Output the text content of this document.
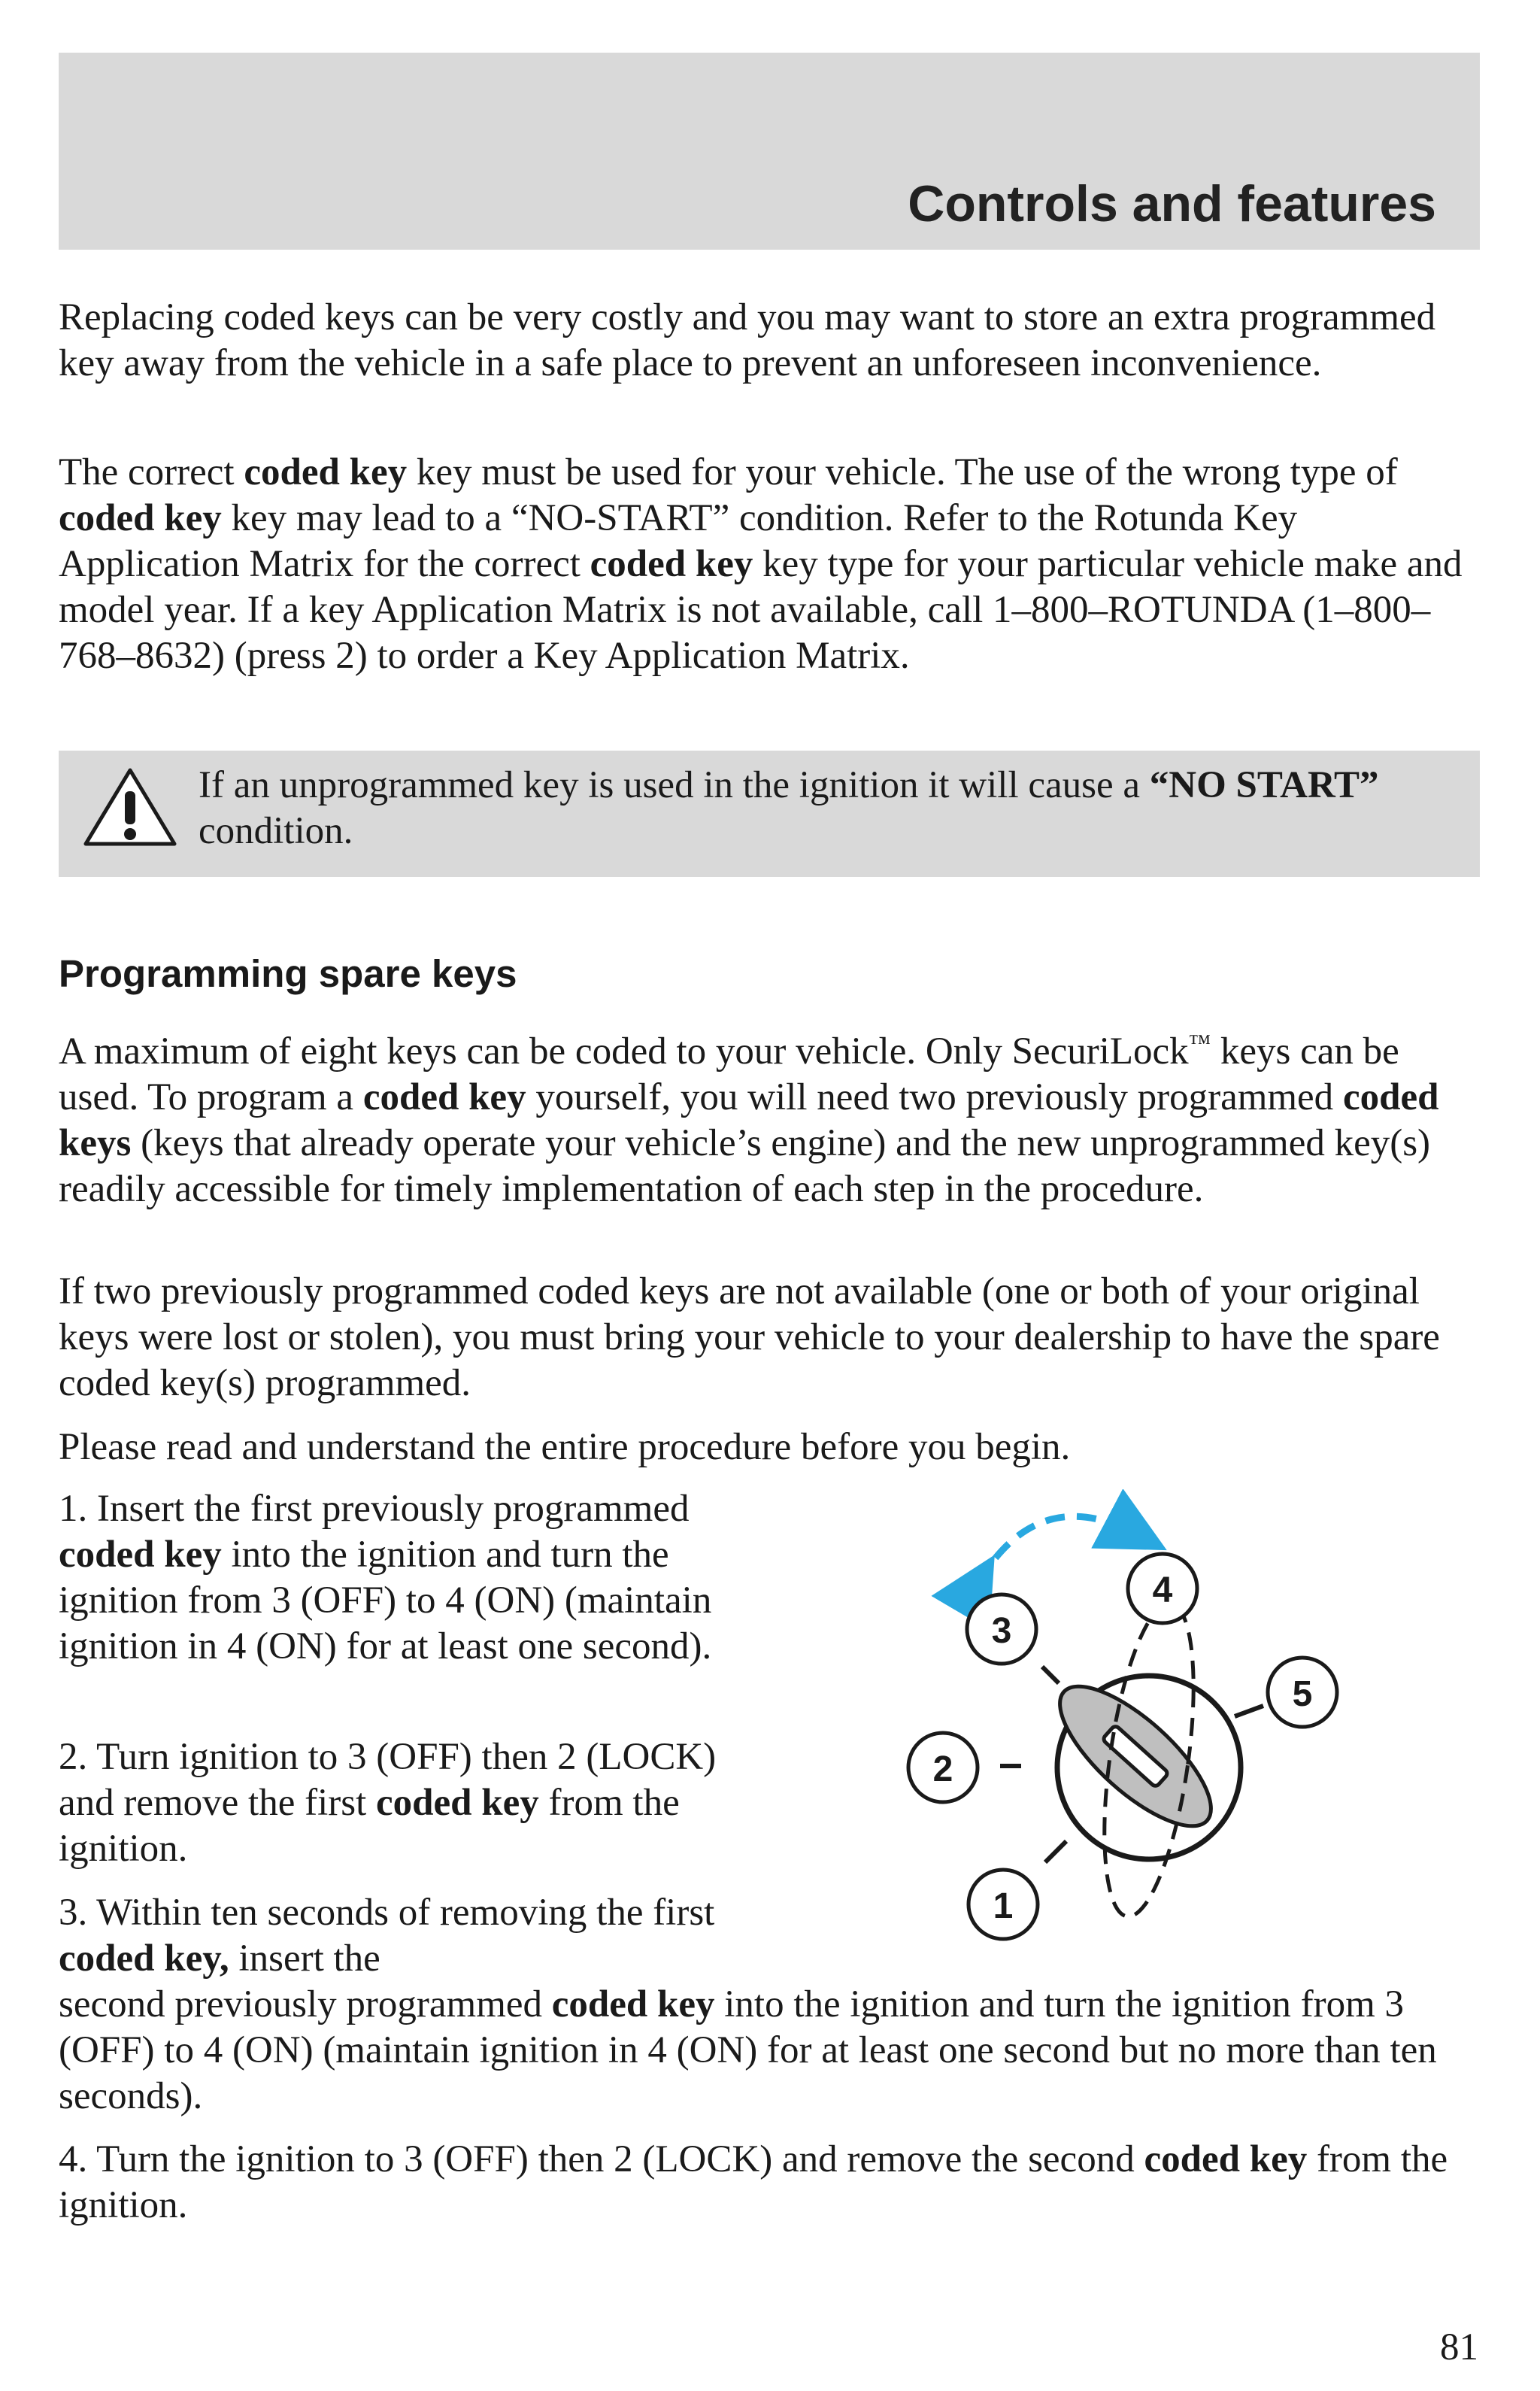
Controls and features

Replacing coded keys can be very costly and you may want to store an extra programmed key away from the vehicle in a safe place to prevent an unforeseen inconvenience.

The correct coded key key must be used for your vehicle. The use of the wrong type of coded key key may lead to a “NO-START” condition. Refer to the Rotunda Key Application Matrix for the correct coded key key type for your particular vehicle make and model year. If a key Application Matrix is not available, call 1–800–ROTUNDA (1–800–768–8632) (press 2) to order a Key Application Matrix.

If an unprogrammed key is used in the ignition it will cause a “NO START” condition.

Programming spare keys

A maximum of eight keys can be coded to your vehicle. Only SecuriLock™ keys can be used. To program a coded key yourself, you will need two previously programmed coded keys (keys that already operate your vehicle’s engine) and the new unprogrammed key(s) readily accessible for timely implementation of each step in the procedure.

If two previously programmed coded keys are not available (one or both of your original keys were lost or stolen), you must bring your vehicle to your dealership to have the spare coded key(s) programmed.

Please read and understand the entire procedure before you begin.

1. Insert the first previously programmed coded key into the ignition and turn the ignition from 3 (OFF) to 4 (ON) (maintain ignition in 4 (ON) for at least one second).

2. Turn ignition to 3 (OFF) then 2 (LOCK) and remove the first coded key from the ignition.

3. Within ten seconds of removing the first coded key, insert the

second previously programmed coded key into the ignition and turn the ignition from 3 (OFF) to 4 (ON) (maintain ignition in 4 (ON) for at least one second but no more than ten seconds).

4. Turn the ignition to 3 (OFF) then 2 (LOCK) and remove the second coded key from the ignition.

1
2
3
4
5

81
